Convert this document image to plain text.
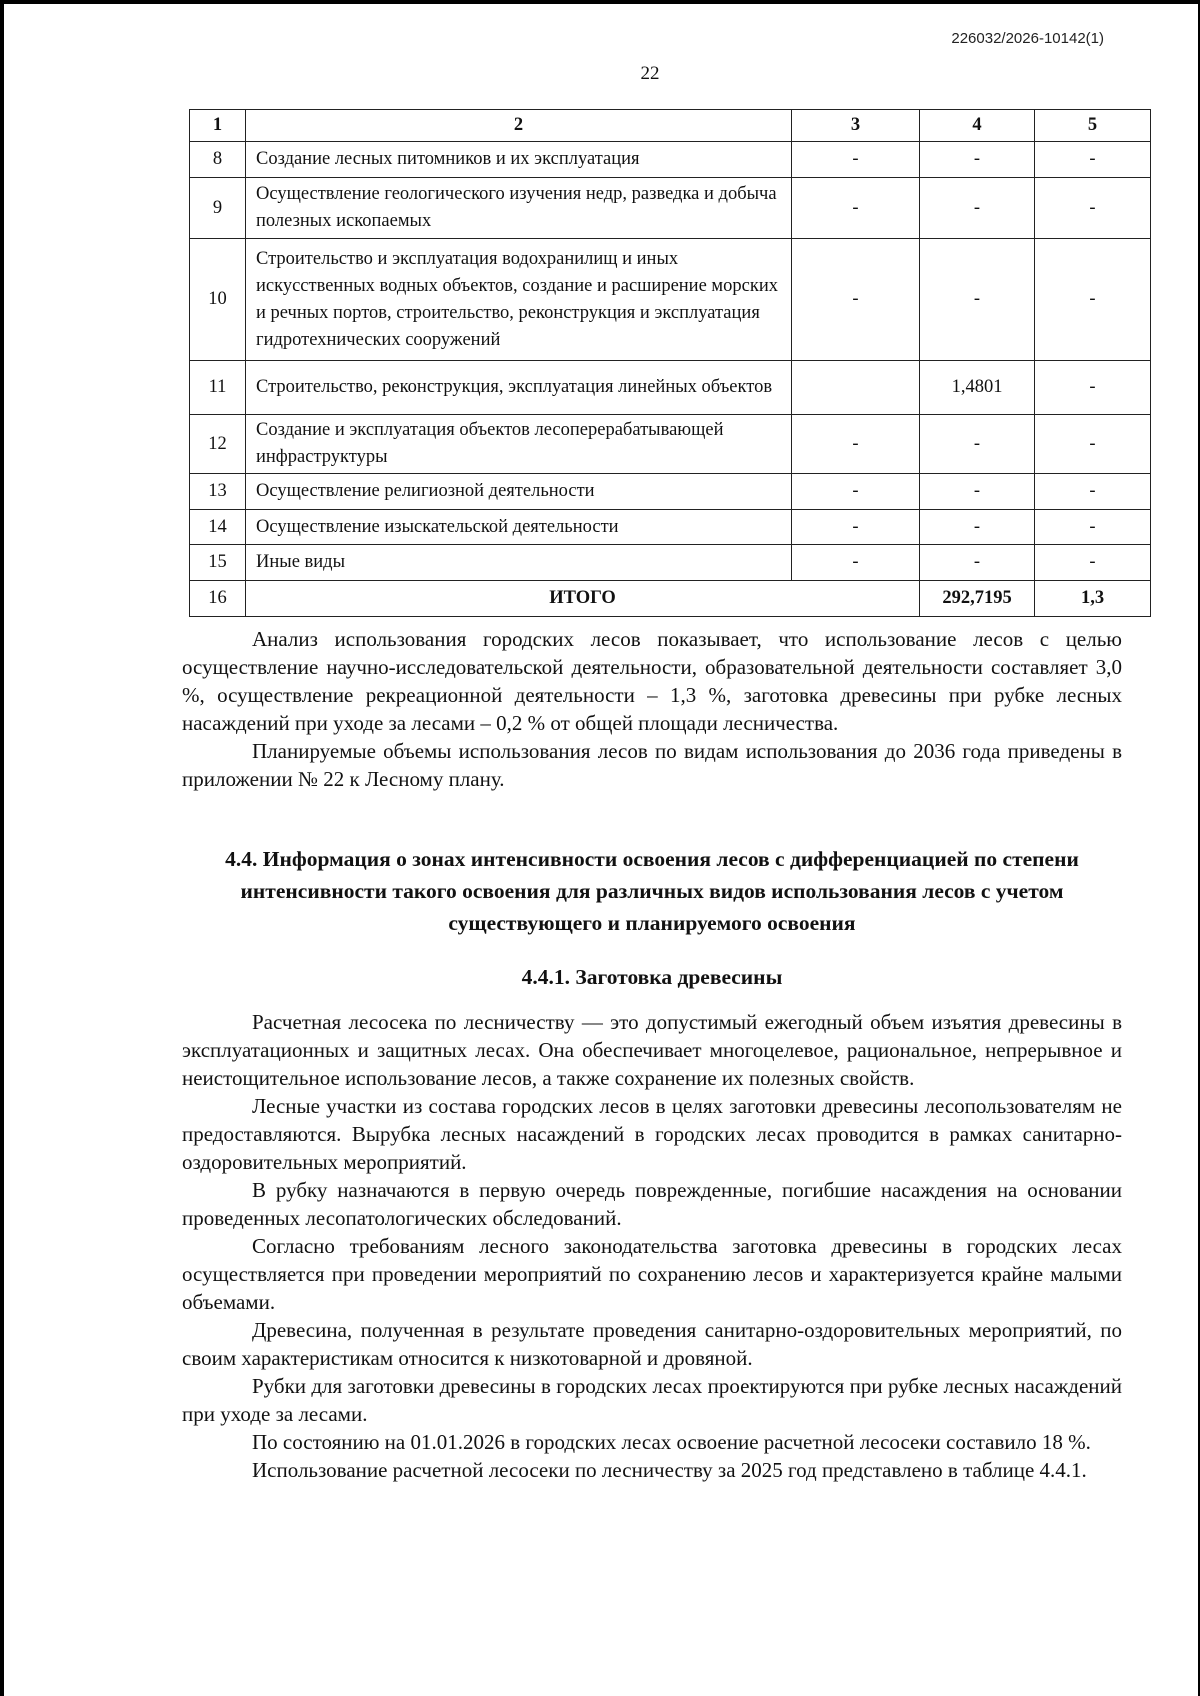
226032/2026-10142(1)
22
1	2	3	4	5
8	Создание лесных питомников и их эксплуатация	-	-	-
9	Осуществление геологического изучения недр, разведка и добыча полезных ископаемых	-	-	-
10	Строительство и эксплуатация водохранилищ и иных искусственных водных объектов, создание и расширение морских и речных портов, строительство, реконструкция и эксплуатация гидротехнических сооружений	-	-	-
11	Строительство, реконструкция, эксплуатация линейных объектов		1,4801	-
12	Создание и эксплуатация объектов лесоперерабатывающей инфраструктуры	-	-	-
13	Осуществление религиозной деятельности	-	-	-
14	Осуществление изыскательской деятельности	-	-	-
15	Иные виды	-	-	-
16	ИТОГО		292,7195	1,3

Анализ использования городских лесов показывает, что использование лесов с целью осуществление научно-исследовательской деятельности, образовательной деятельности составляет 3,0 %, осуществление рекреационной деятельности – 1,3 %, заготовка древесины при рубке лесных насаждений при уходе за лесами – 0,2 % от общей площади лесничества.

Планируемые объемы использования лесов по видам использования до 2036 года приведены в приложении № 22 к Лесному плану.

4.4. Информация о зонах интенсивности освоения лесов с дифференциацией по степени интенсивности такого освоения для различных видов использования лесов с учетом существующего и планируемого освоения
4.4.1. Заготовка древесины

Расчетная лесосека по лесничеству — это допустимый ежегодный объем изъятия древесины в эксплуатационных и защитных лесах. Она обеспечивает многоцелевое, рациональное, непрерывное и неистощительное использование лесов, а также сохранение их полезных свойств.

Лесные участки из состава городских лесов в целях заготовки древесины лесопользователям не предоставляются. Вырубка лесных насаждений в городских лесах проводится в рамках санитарно-оздоровительных мероприятий.

В рубку назначаются в первую очередь поврежденные, погибшие насаждения на основании проведенных лесопатологических обследований.

Согласно требованиям лесного законодательства заготовка древесины в городских лесах осуществляется при проведении мероприятий по сохранению лесов и характеризуется крайне малыми объемами.

Древесина, полученная в результате проведения санитарно-оздоровительных мероприятий, по своим характеристикам относится к низкотоварной и дровяной.

Рубки для заготовки древесины в городских лесах проектируются при рубке лесных насаждений при уходе за лесами.

По состоянию на 01.01.2026 в городских лесах освоение расчетной лесосеки составило 18 %.

Использование расчетной лесосеки по лесничеству за 2025 год представлено в таблице 4.4.1.
